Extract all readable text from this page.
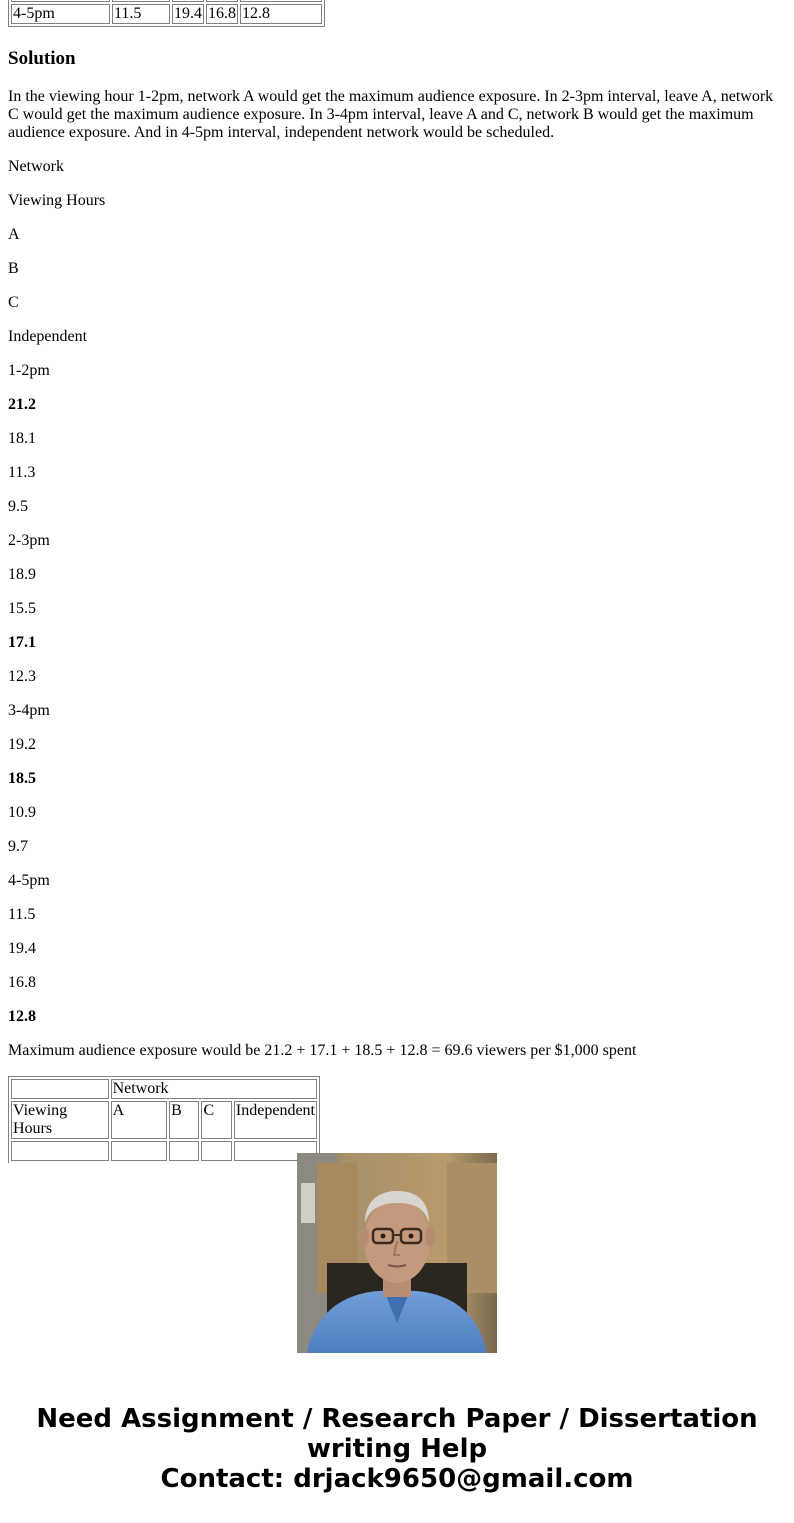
4-5pm	11.5	19.4	16.8	12.8
Solution

In the viewing hour 1-2pm, network A would get the maximum audience exposure. In 2-3pm interval, leave A, network C would get the maximum audience exposure. In 3-4pm interval, leave A and C, network B would get the maximum audience exposure. And in 4-5pm interval, independent network would be scheduled.

Network

Viewing Hours

A

B

C

Independent

1-2pm

21.2

18.1

11.3

9.5

2-3pm

18.9

15.5

17.1

12.3

3-4pm

19.2

18.5

10.9

9.7

4-5pm

11.5

19.4

16.8

12.8

Maximum audience exposure would be 21.2 + 17.1 + 18.5 + 12.8 = 69.6 viewers per $1,000 spent

	Network			
Viewing Hours	A	B	C	Independent

Need Assignment / Research Paper / Dissertation
writing Help
Contact: drjack9650@gmail.com
